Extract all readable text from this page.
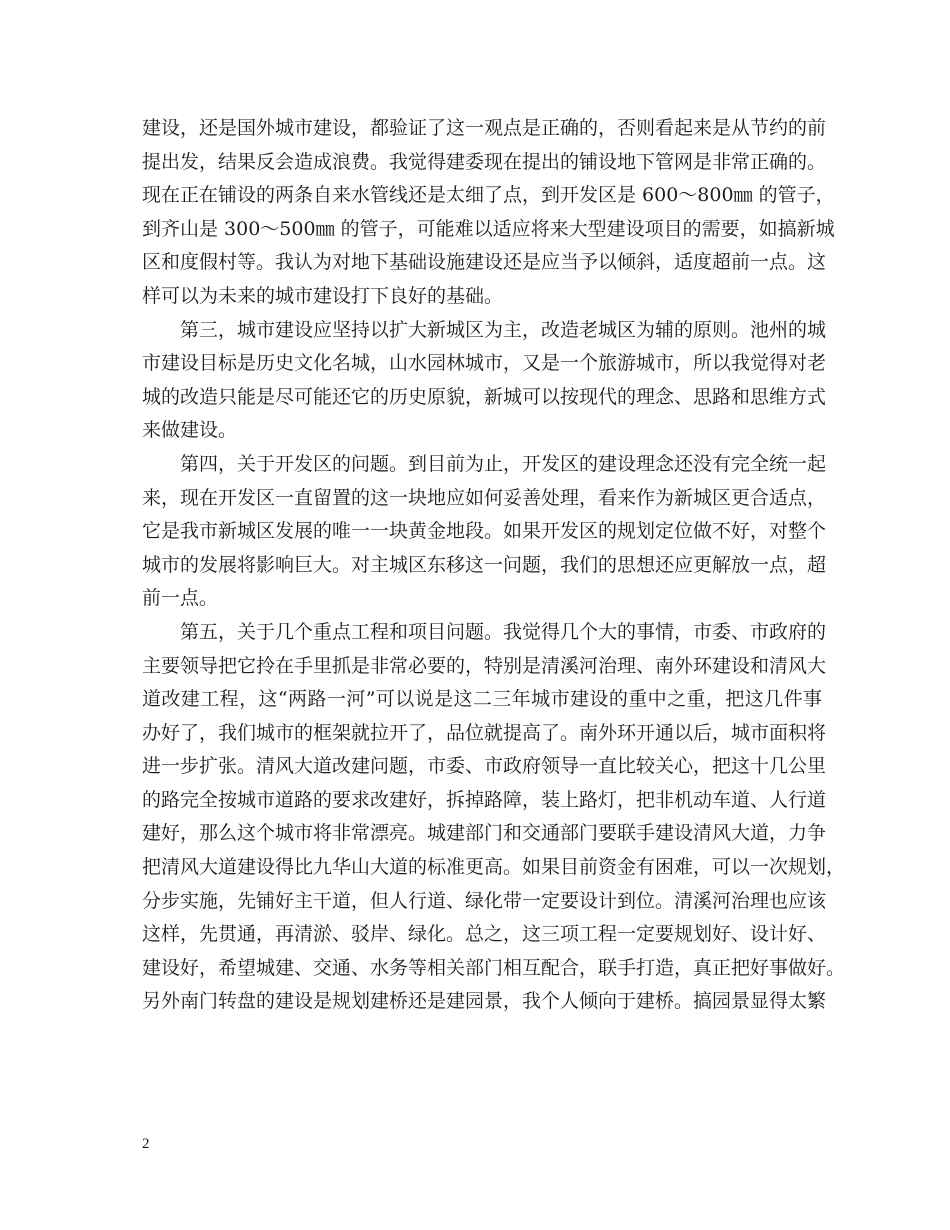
建设，还是国外城市建设，都验证了这一观点是正确的，否则看起来是从节约的前
提出发，结果反会造成浪费。我觉得建委现在提出的铺设地下管网是非常正确的。
现在正在铺设的两条自来水管线还是太细了点，到开发区是 600～800㎜ 的管子，
到齐山是 300～500㎜ 的管子，可能难以适应将来大型建设项目的需要，如搞新城
区和度假村等。我认为对地下基础设施建设还是应当予以倾斜，适度超前一点。这
样可以为未来的城市建设打下良好的基础。
第三，城市建设应坚持以扩大新城区为主，改造老城区为辅的原则。池州的城
市建设目标是历史文化名城，山水园林城市，又是一个旅游城市，所以我觉得对老
城的改造只能是尽可能还它的历史原貌，新城可以按现代的理念、思路和思维方式
来做建设。
第四，关于开发区的问题。到目前为止，开发区的建设理念还没有完全统一起
来，现在开发区一直留置的这一块地应如何妥善处理，看来作为新城区更合适点，
它是我市新城区发展的唯一一块黄金地段。如果开发区的规划定位做不好，对整个
城市的发展将影响巨大。对主城区东移这一问题，我们的思想还应更解放一点，超
前一点。
第五，关于几个重点工程和项目问题。我觉得几个大的事情，市委、市政府的
主要领导把它拎在手里抓是非常必要的，特别是清溪河治理、南外环建设和清风大
道改建工程，这“两路一河”可以说是这二三年城市建设的重中之重，把这几件事
办好了，我们城市的框架就拉开了，品位就提高了。南外环开通以后，城市面积将
进一步扩张。清风大道改建问题，市委、市政府领导一直比较关心，把这十几公里
的路完全按城市道路的要求改建好，拆掉路障，装上路灯，把非机动车道、人行道
建好，那么这个城市将非常漂亮。城建部门和交通部门要联手建设清风大道，力争
把清风大道建设得比九华山大道的标准更高。如果目前资金有困难，可以一次规划，
分步实施，先铺好主干道，但人行道、绿化带一定要设计到位。清溪河治理也应该
这样，先贯通，再清淤、驳岸、绿化。总之，这三项工程一定要规划好、设计好、
建设好，希望城建、交通、水务等相关部门相互配合，联手打造，真正把好事做好。
另外南门转盘的建设是规划建桥还是建园景，我个人倾向于建桥。搞园景显得太繁
2
